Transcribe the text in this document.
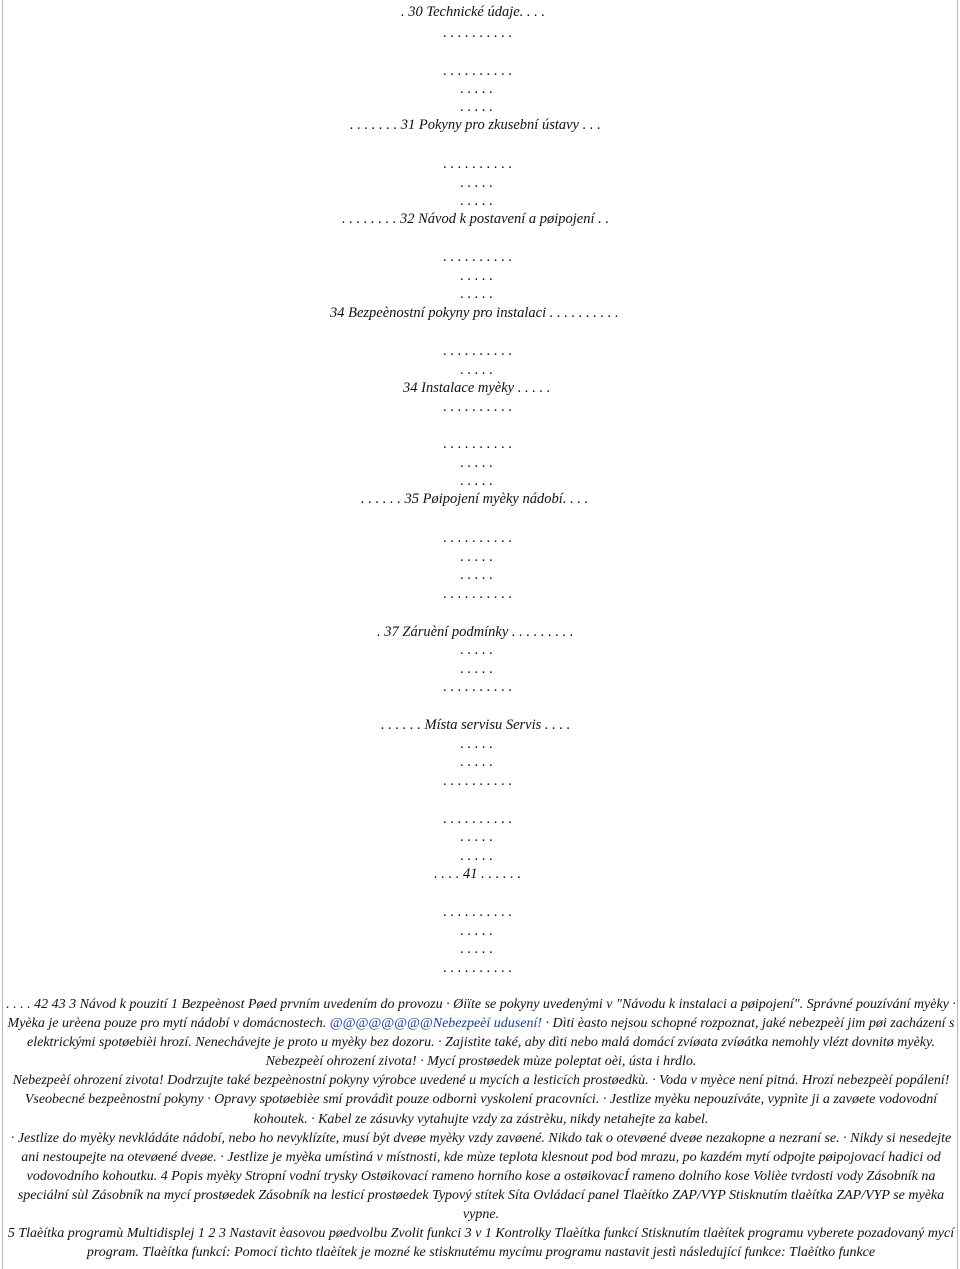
. 30 Technické údaje. . . .
. . . . . . . . . .
. . . . . . . . . .
. . . . .
. . . . .
. . . . . . . 31 Pokyny pro zkusební ústavy . . .
. . . . . . . . . .
. . . . .
. . . . .
. . . . . . . . 32 Návod k postavení a pøipojení . .
. . . . . . . . . .
. . . . .
. . . . .
34 Bezpeènostní pokyny pro instalaci . . . . . . . . . .
. . . . . . . . . .
. . . . .
34 Instalace myèky . . . . .
. . . . . . . . . .
. . . . . . . . . .
. . . . .
. . . . .
. . . . . . 35 Pøipojení myèky nádobí. . . .
. . . . . . . . . .
. . . . .
. . . . .
. . . . . . . . . .
. 37 Záruèní podmínky . . . . . . . . .
. . . . .
. . . . .
. . . . . . . . . .
. . . . . . Místa servisu Servis . . . .
. . . . .
. . . . .
. . . . . . . . . .
. . . . . . . . . .
. . . . .
. . . . .
. . . . 41 . . . . . .
. . . . . . . . . .
. . . . .
. . . . .
. . . . . . . . . .

. . . . 42 43 3 Návod k pouzití 1 Bezpeènost Pøed prvním uvedením do provozu · Øiïte se pokyny uvedenými v "Návodu k instalaci a pøipojení". Správné pouzívání myèky · Myèka je urèena pouze pro mytí nádobí v domácnostech. @@@@@@@@Nebezpeèí udusení! · Dìti èasto nejsou schopné rozpoznat, jaké nebezpeèí jim pøi zacházení s elektrickými spotøebièi hrozí. Nenechávejte je proto u myèky bez dozoru. · Zajistìte také, aby dìti nebo malá domácí zvíøata zvíøátka nemohly vlézt dovnitø myèky. Nebezpeèí ohrození zivota! · Mycí prostøedek mùze poleptat oèi, ústa i hrdlo.

Nebezpeèí ohrození zivota! Dodrzujte také bezpeènostní pokyny výrobce uvedené u mycích a lesticích prostøedkù. · Voda v myèce není pitná. Hrozí nebezpeèí popálení! Vseobecné bezpeènostní pokyny · Opravy spotøebièe smí provádìt pouze odbornì vyskolení pracovníci. · Jestlize myèku nepouzíváte, vypnìte ji a zavøete vodovodní kohoutek. · Kabel ze zásuvky vytahujte vzdy za zástrèku, nikdy netahejte za kabel.

· Jestlize do myèky nevkládáte nádobí, nebo ho nevyklízíte, musí být dveøe myèky vzdy zavøené. Nikdo tak o otevøené dveøe nezakopne a nezraní se. · Nikdy si nesedejte ani nestoupejte na otevøené dveøe. · Jestlize je myèka umístìná v místnosti, kde mùze teplota klesnout pod bod mrazu, po kazdém mytí odpojte pøipojovací hadici od vodovodního kohoutku. 4 Popis myèky Stropní vodní trysky Ostøikovací rameno horního kose a ostøikovacÍ rameno dolního kose Volièe tvrdosti vody Zásobník na speciální sùl Zásobník na mycí prostøedek Zásobník na lesticí prostøedek Typový stítek Síta Ovládací panel Tlaèítko ZAP/VYP Stisknutím tlaèítka ZAP/VYP se myèka vypne.

5 Tlaèítka programù Multidisplej 1 2 3 Nastavit èasovou pøedvolbu Zvolit funkci 3 v 1 Kontrolky Tlaèítka funkcí Stisknutím tlaèítek programu vyberete pozadovaný mycí program. Tlaèítka funkcí: Pomocí tìchto tlaèítek je mozné ke stisknutému mycímu programu nastavit jestì následující funkce: Tlaèítko funkce
